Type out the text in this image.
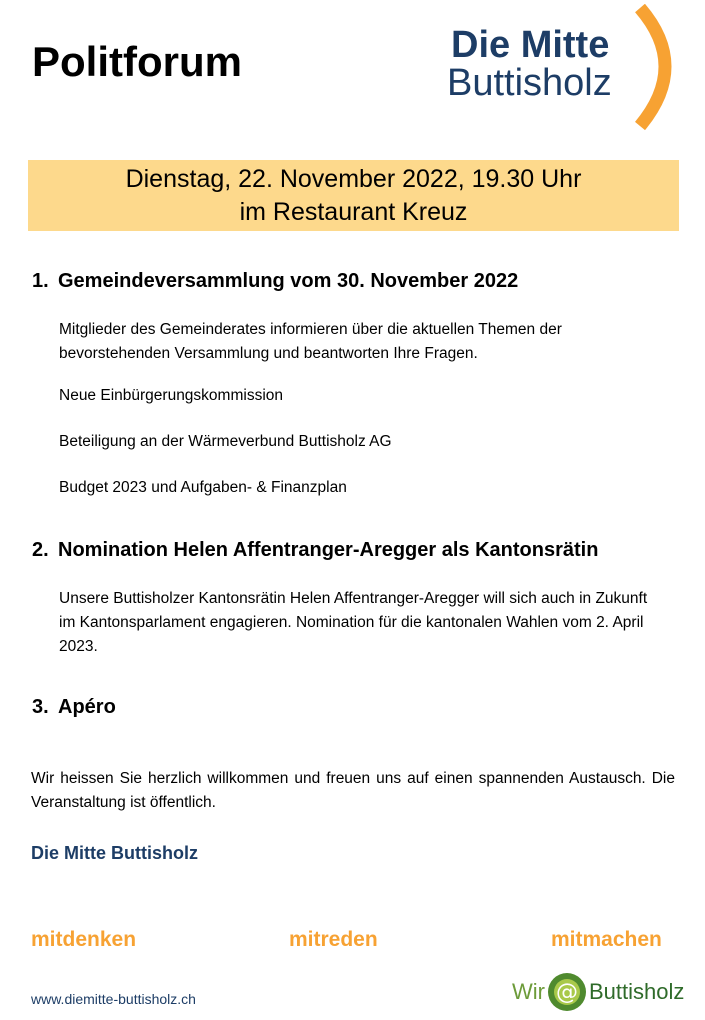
Politforum	Die Mitte
Buttisholz
Dienstag, 22. November 2022, 19.30 Uhr
im Restaurant Kreuz
1. Gemeindeversammlung vom 30. November 2022
Mitglieder des Gemeinderates informieren über die aktuellen Themen der bevorstehenden Versammlung und beantworten Ihre Fragen.
Neue Einbürgerungskommission
Beteiligung an der Wärmeverbund Buttisholz AG
Budget 2023 und Aufgaben- & Finanzplan
2. Nomination Helen Affentranger-Aregger als Kantonsrätin
Unsere Buttisholzer Kantonsrätin Helen Affentranger-Aregger will sich auch in Zukunft im Kantonsparlament engagieren. Nomination für die kantonalen Wahlen vom 2. April 2023.
3. Apéro
Wir heissen Sie herzlich willkommen und freuen uns auf einen spannenden Austausch. Die Veranstaltung ist öffentlich.
Die Mitte Buttisholz
mitdenken	mitreden	mitmachen
www.diemitte-buttisholz.ch	Wir @ Buttisholz
